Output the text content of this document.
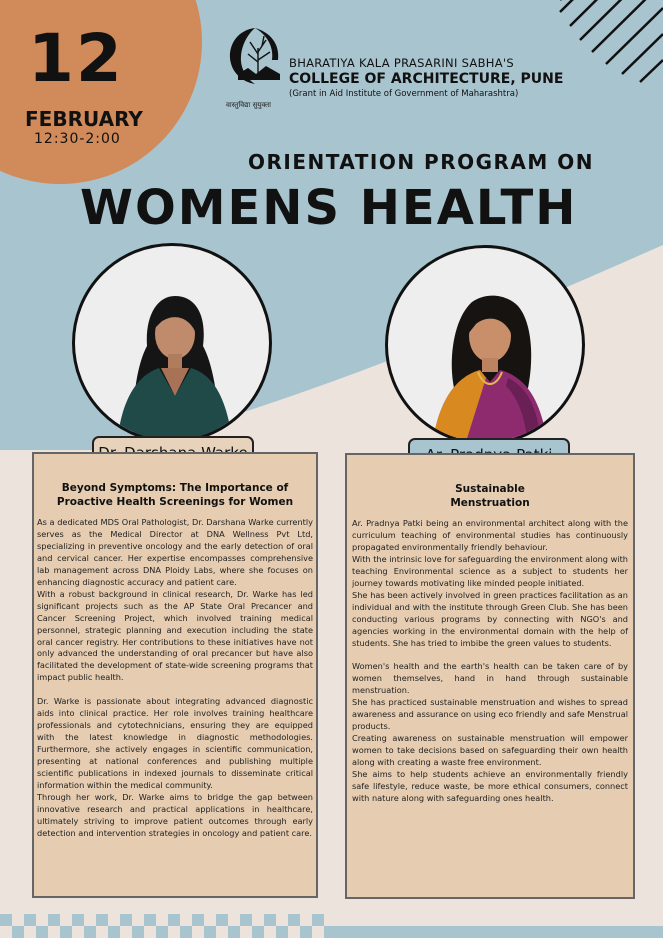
12
FEBRUARY
12:30-2:00
वास्तुविद्या सुयुक्ता
BHARATIYA KALA PRASARINI SABHA'S
COLLEGE OF ARCHITECTURE, PUNE
(Grant in Aid Institute of Government of Maharashtra)
ORIENTATION PROGRAM ON
WOMENS HEALTH
Beyond Symptoms: The Importance of
Proactive Health Screenings for Women

As a dedicated MDS Oral Pathologist, Dr. Darshana Warke currently serves as the Medical Director at DNA Wellness Pvt Ltd, specializing in preventive oncology and the early detection of oral and cervical cancer. Her expertise encompasses comprehensive lab management across DNA Ploidy Labs, where she focuses on enhancing diagnostic accuracy and patient care.

With a robust background in clinical research, Dr. Warke has led significant projects such as the AP State Oral Precancer and Cancer Screening Project, which involved training medical personnel, strategic planning and execution including the state oral cancer registry. Her contributions to these initiatives have not only advanced the understanding of oral precancer but have also facilitated the development of state-wide screening programs that impact public health.

Dr. Warke is passionate about integrating advanced diagnostic aids into clinical practice. Her role involves training healthcare professionals and cytotechnicians, ensuring they are equipped with the latest knowledge in diagnostic methodologies. Furthermore, she actively engages in scientific communication, presenting at national conferences and publishing multiple scientific publications in indexed journals to disseminate critical information within the medical community.

Through her work, Dr. Warke aims to bridge the gap between innovative research and practical applications in healthcare, ultimately striving to improve patient outcomes through early detection and intervention strategies in oncology and patient care.

Sustainable
Menstruation

Ar. Pradnya Patki being an environmental architect along with the curriculum teaching of environmental studies has continuously propagated environmentally friendly behaviour.

With the intrinsic love for safeguarding the environment along with teaching Environmental science as a subject to students her journey towards motivating like minded people initiated.

She has been actively involved in green practices facilitation as an individual and with the institute through Green Club. She has been conducting various programs by connecting with NGO's and agencies working in the environmental domain with the help of students. She has tried to imbibe the green values to students.

Women's health and the earth's health can be taken care of by women themselves, hand in hand through sustainable menstruation.

She has practiced sustainable menstruation and wishes to spread awareness and assurance on using eco friendly and safe Menstrual products.

Creating awareness on sustainable menstruation will empower women to take decisions based on safeguarding their own health along with creating a waste free environment.

She aims to help students achieve an environmentally friendly safe lifestyle, reduce waste, be more ethical consumers, connect with nature along with safeguarding ones health.
